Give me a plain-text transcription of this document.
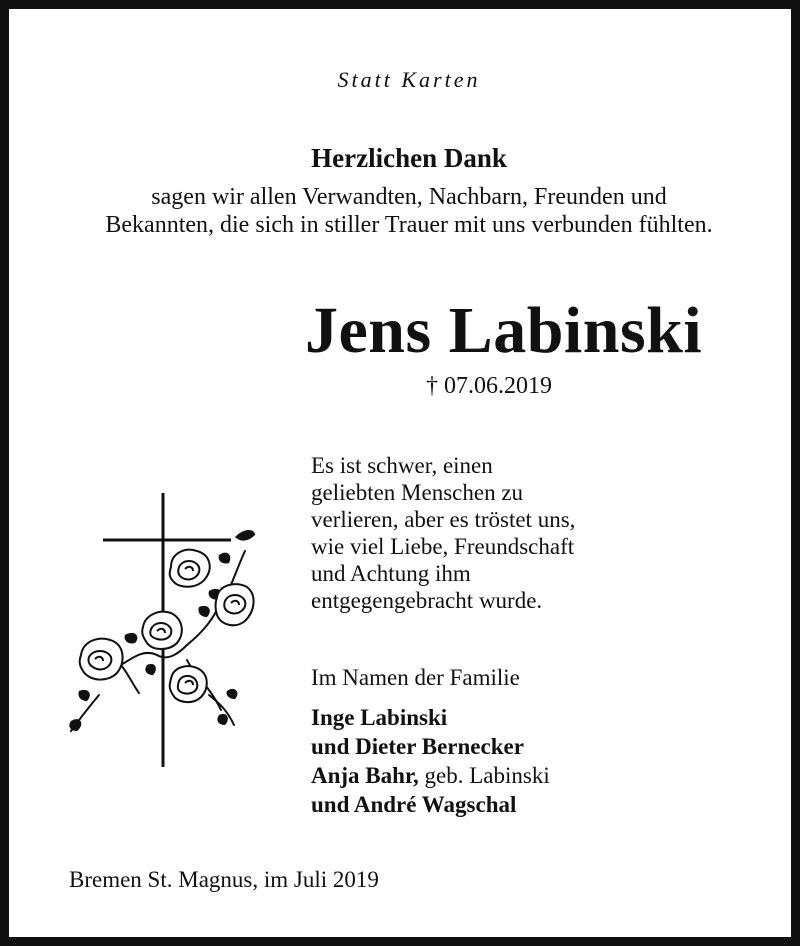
Statt Karten
Herzlichen Dank
sagen wir allen Verwandten, Nachbarn, Freunden und
Bekannten, die sich in stiller Trauer mit uns verbunden fühlten.
Jens Labinski
† 07.06.2019
Es ist schwer, einen
geliebten Menschen zu
verlieren, aber es tröstet uns,
wie viel Liebe, Freundschaft
und Achtung ihm
entgegengebracht wurde.
Im Namen der Familie
Inge Labinski
und Dieter Bernecker
Anja Bahr, geb. Labinski
und André Wagschal
Bremen St. Magnus, im Juli 2019
